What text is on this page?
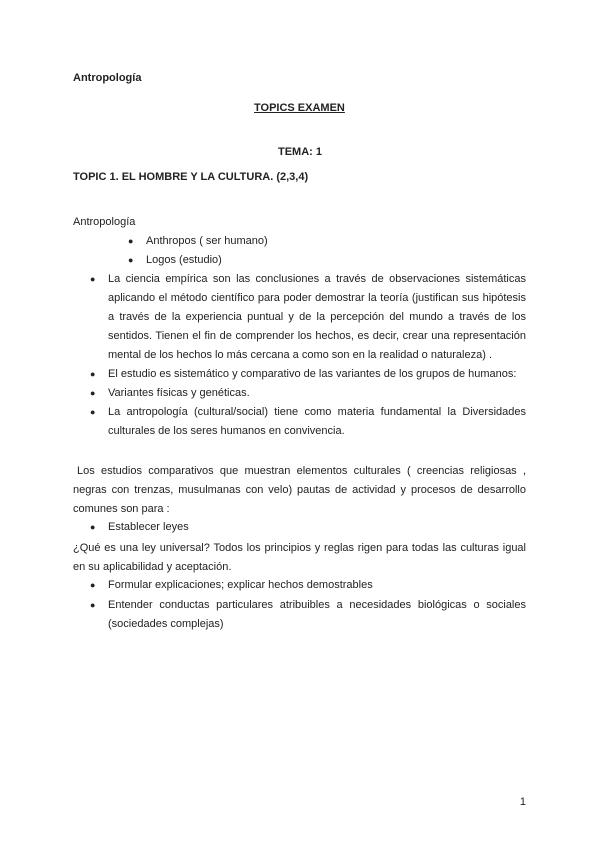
Antropología
TOPICS EXAMEN
TEMA: 1
TOPIC 1. EL HOMBRE Y LA CULTURA. (2,3,4)
Antropología
● Anthropos ( ser humano)
● Logos (estudio)
● La ciencia empírica son las conclusiones a través de observaciones sistemáticas aplicando el método científico para poder demostrar la teoría (justifican sus hipótesis a través de la experiencia puntual y de la percepción del mundo a través de los sentidos. Tienen el fin de comprender los hechos, es decir, crear una representación mental de los hechos lo más cercana a como son en la realidad o naturaleza) .
● El estudio es sistemático y comparativo de las variantes de los grupos de humanos:
● Variantes físicas y genéticas.
● La antropología (cultural/social) tiene como materia fundamental la Diversidades culturales de los seres humanos en convivencia.
Los estudios comparativos que muestran elementos culturales ( creencias religiosas , negras con trenzas, musulmanas con velo) pautas de actividad y procesos de desarrollo comunes son para :
● Establecer leyes
¿Qué es una ley universal? Todos los principios y reglas rigen para todas las culturas igual en su aplicabilidad y aceptación.
● Formular explicaciones; explicar hechos demostrables
● Entender conductas particulares atribuibles a necesidades biológicas o sociales (sociedades complejas)
1
